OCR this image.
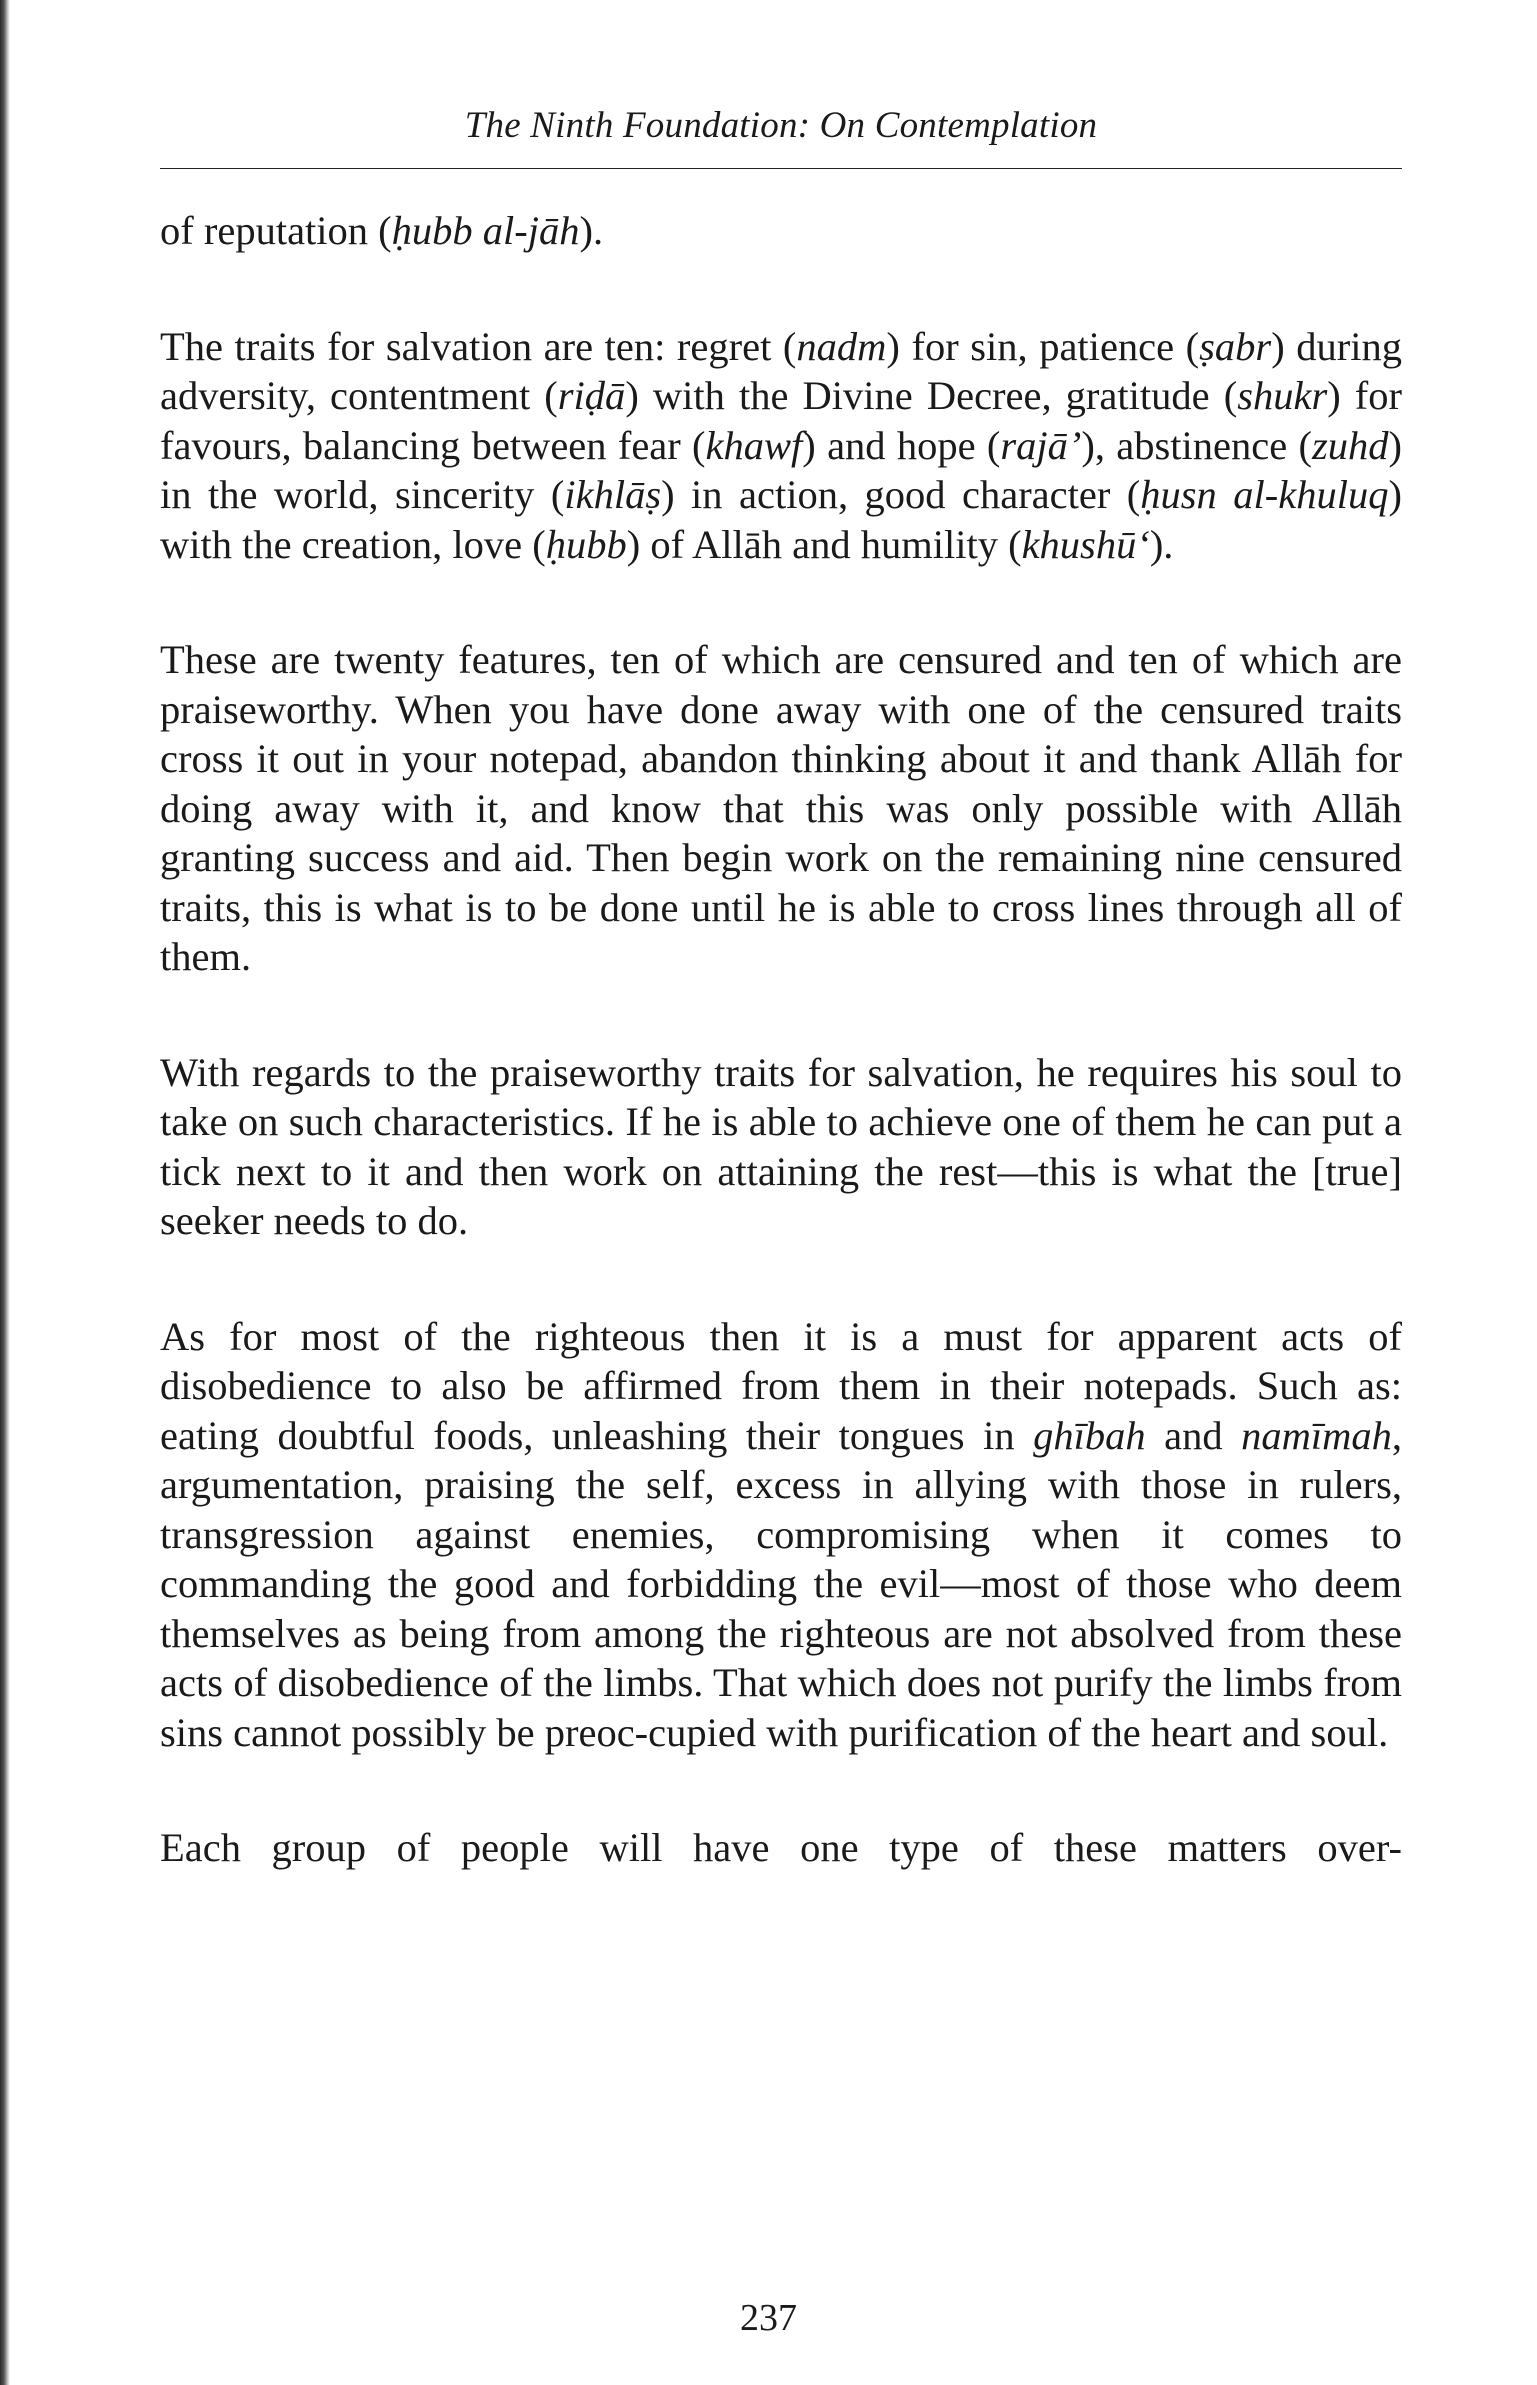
The Ninth Foundation: On Contemplation

of reputation (ḥubb al-jāh).

The traits for salvation are ten: regret (nadm) for sin, patience (ṣabr) during adversity, contentment (riḍā) with the Divine Decree, gratitude (shukr) for favours, balancing between fear (khawf) and hope (rajā’), abstinence (zuhd) in the world, sincerity (ikhlāṣ) in action, good character (ḥusn al-khuluq) with the creation, love (ḥubb) of Allāh and humility (khushū‘).

These are twenty features, ten of which are censured and ten of which are praiseworthy. When you have done away with one of the censured traits cross it out in your notepad, abandon thinking about it and thank Allāh for doing away with it, and know that this was only possible with Allāh granting success and aid. Then begin work on the remaining nine censured traits, this is what is to be done until he is able to cross lines through all of them.

With regards to the praiseworthy traits for salvation, he requires his soul to take on such characteristics. If he is able to achieve one of them he can put a tick next to it and then work on attaining the rest—this is what the [true] seeker needs to do.

As for most of the righteous then it is a must for apparent acts of disobedience to also be affirmed from them in their notepads. Such as: eating doubtful foods, unleashing their tongues in ghībah and namīmah, argumentation, praising the self, excess in allying with those in rulers, transgression against enemies, compromising when it comes to commanding the good and forbidding the evil—most of those who deem themselves as being from among the righteous are not absolved from these acts of disobedience of the limbs. That which does not purify the limbs from sins cannot possibly be preoc-cupied with purification of the heart and soul.

Each group of people will have one type of these matters over-

237
